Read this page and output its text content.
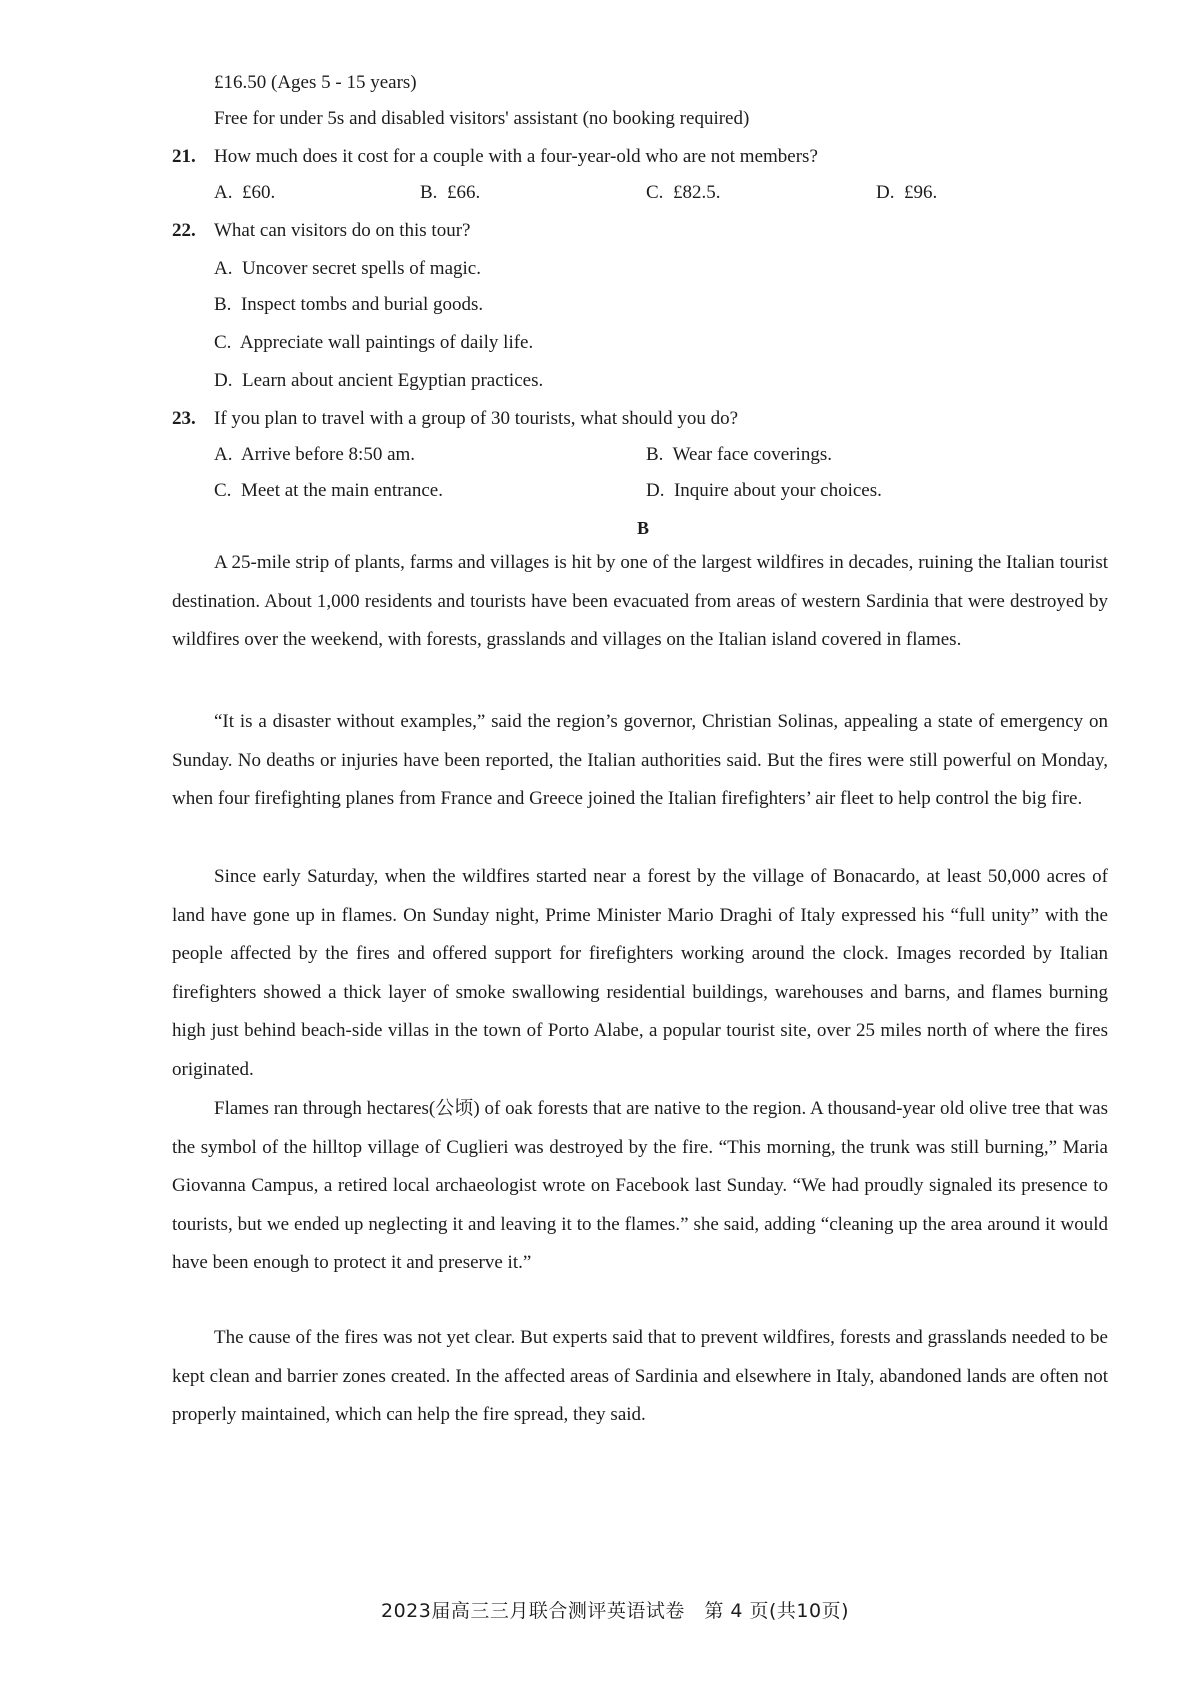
£16.50 (Ages 5 - 15 years)
Free for under 5s and disabled visitors' assistant (no booking required)
21. How much does it cost for a couple with a four-year-old who are not members?
A. £60.	B. £66.	C. £82.5.	D. £96.
22. What can visitors do on this tour?
A. Uncover secret spells of magic.
B. Inspect tombs and burial goods.
C. Appreciate wall paintings of daily life.
D. Learn about ancient Egyptian practices.
23. If you plan to travel with a group of 30 tourists, what should you do?
A. Arrive before 8:50 am.	B. Wear face coverings.
C. Meet at the main entrance.	D. Inquire about your choices.
B

A 25-mile strip of plants, farms and villages is hit by one of the largest wildfires in decades, ruining the Italian tourist destination. About 1,000 residents and tourists have been evacuated from areas of western Sardinia that were destroyed by wildfires over the weekend, with forests, grasslands and villages on the Italian island covered in flames.

“It is a disaster without examples,” said the region’s governor, Christian Solinas, appealing a state of emergency on Sunday. No deaths or injuries have been reported, the Italian authorities said. But the fires were still powerful on Monday, when four firefighting planes from France and Greece joined the Italian firefighters’ air fleet to help control the big fire.

Since early Saturday, when the wildfires started near a forest by the village of Bonacardo, at least 50,000 acres of land have gone up in flames. On Sunday night, Prime Minister Mario Draghi of Italy expressed his “full unity” with the people affected by the fires and offered support for firefighters working around the clock. Images recorded by Italian firefighters showed a thick layer of smoke swallowing residential buildings, warehouses and barns, and flames burning high just behind beach-side villas in the town of Porto Alabe, a popular tourist site, over 25 miles north of where the fires originated.

Flames ran through hectares(公顷) of oak forests that are native to the region. A thousand-year old olive tree that was the symbol of the hilltop village of Cuglieri was destroyed by the fire. “This morning, the trunk was still burning,” Maria Giovanna Campus, a retired local archaeologist wrote on Facebook last Sunday. “We had proudly signaled its presence to tourists, but we ended up neglecting it and leaving it to the flames.” she said, adding “cleaning up the area around it would have been enough to protect it and preserve it.”

The cause of the fires was not yet clear. But experts said that to prevent wildfires, forests and grasslands needed to be kept clean and barrier zones created. In the affected areas of Sardinia and elsewhere in Italy, abandoned lands are often not properly maintained, which can help the fire spread, they said.

2023届高三三月联合测评英语试卷　第 4 页(共10页)
